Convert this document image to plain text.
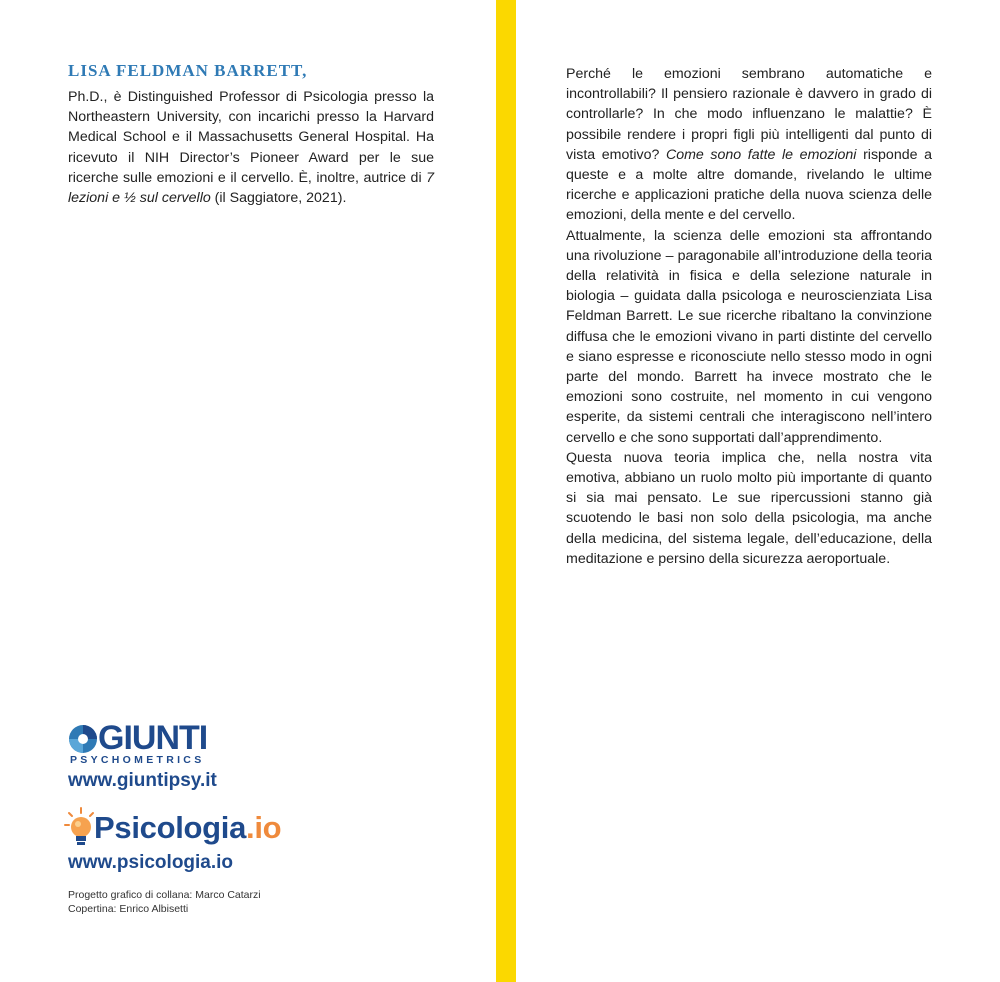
LISA FELDMAN BARRETT,

Ph.D., è Distinguished Professor di Psicologia presso la Northeastern University, con incarichi presso la Harvard Medical School e il Massachusetts General Hospital. Ha ricevuto il NIH Director’s Pioneer Award per le sue ricerche sulle emozioni e il cervello. È, inoltre, autrice di 7 lezioni e ½ sul cervello (il Saggiatore, 2021).

Perché le emozioni sembrano automatiche e incontrollabili? Il pensiero razionale è davvero in grado di controllarle? In che modo influenzano le malattie? È possibile rendere i propri figli più intelligenti dal punto di vista emotivo? Come sono fatte le emozioni risponde a queste e a molte altre domande, rivelando le ultime ricerche e applicazioni pratiche della nuova scienza delle emozioni, della mente e del cervello.

Attualmente, la scienza delle emozioni sta affrontando una rivoluzione – paragonabile all’introduzione della teoria della relatività in fisica e della selezione naturale in biologia – guidata dalla psicologa e neuroscienziata Lisa Feldman Barrett. Le sue ricerche ribaltano la convinzione diffusa che le emozioni vivano in parti distinte del cervello e siano espresse e riconosciute nello stesso modo in ogni parte del mondo. Barrett ha invece mostrato che le emozioni sono costruite, nel momento in cui vengono esperite, da sistemi centrali che interagiscono nell’intero cervello e che sono supportati dall’apprendimento.

Questa nuova teoria implica che, nella nostra vita emotiva, abbiano un ruolo molto più importante di quanto si sia mai pensato. Le sue ripercussioni stanno già scuotendo le basi non solo della psicologia, ma anche della medicina, del sistema legale, dell’educazione, della meditazione e persino della sicurezza aeroportuale.

GIUNTI
PSYCHOMETRICS
www.giuntipsy.it
Psicologia.io
www.psicologia.io
Progetto grafico di collana: Marco Catarzi
Copertina: Enrico Albisetti
